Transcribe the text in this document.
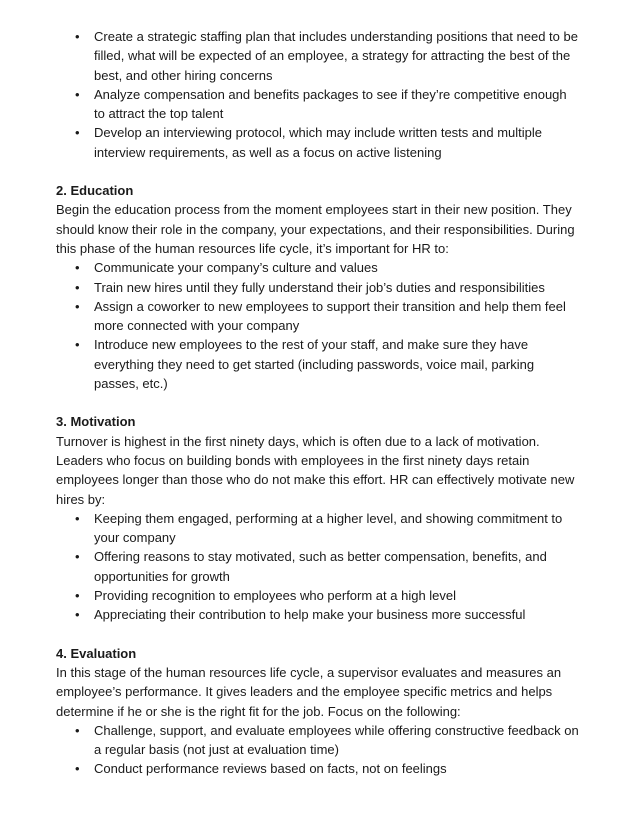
• Create a strategic staffing plan that includes understanding positions that need to be filled, what will be expected of an employee, a strategy for attracting the best of the best, and other hiring concerns
• Analyze compensation and benefits packages to see if they’re competitive enough to attract the top talent
• Develop an interviewing protocol, which may include written tests and multiple interview requirements, as well as a focus on active listening

2. Education

Begin the education process from the moment employees start in their new position. They should know their role in the company, your expectations, and their responsibilities. During this phase of the human resources life cycle, it’s important for HR to:

• Communicate your company’s culture and values
• Train new hires until they fully understand their job’s duties and responsibilities
• Assign a coworker to new employees to support their transition and help them feel more connected with your company
• Introduce new employees to the rest of your staff, and make sure they have everything they need to get started (including passwords, voice mail, parking passes, etc.)

3. Motivation

Turnover is highest in the first ninety days, which is often due to a lack of motivation. Leaders who focus on building bonds with employees in the first ninety days retain employees longer than those who do not make this effort. HR can effectively motivate new hires by:

• Keeping them engaged, performing at a higher level, and showing commitment to your company
• Offering reasons to stay motivated, such as better compensation, benefits, and opportunities for growth
• Providing recognition to employees who perform at a high level
• Appreciating their contribution to help make your business more successful

4. Evaluation

In this stage of the human resources life cycle, a supervisor evaluates and measures an employee’s performance. It gives leaders and the employee specific metrics and helps determine if he or she is the right fit for the job. Focus on the following:

• Challenge, support, and evaluate employees while offering constructive feedback on a regular basis (not just at evaluation time)
• Conduct performance reviews based on facts, not on feelings
